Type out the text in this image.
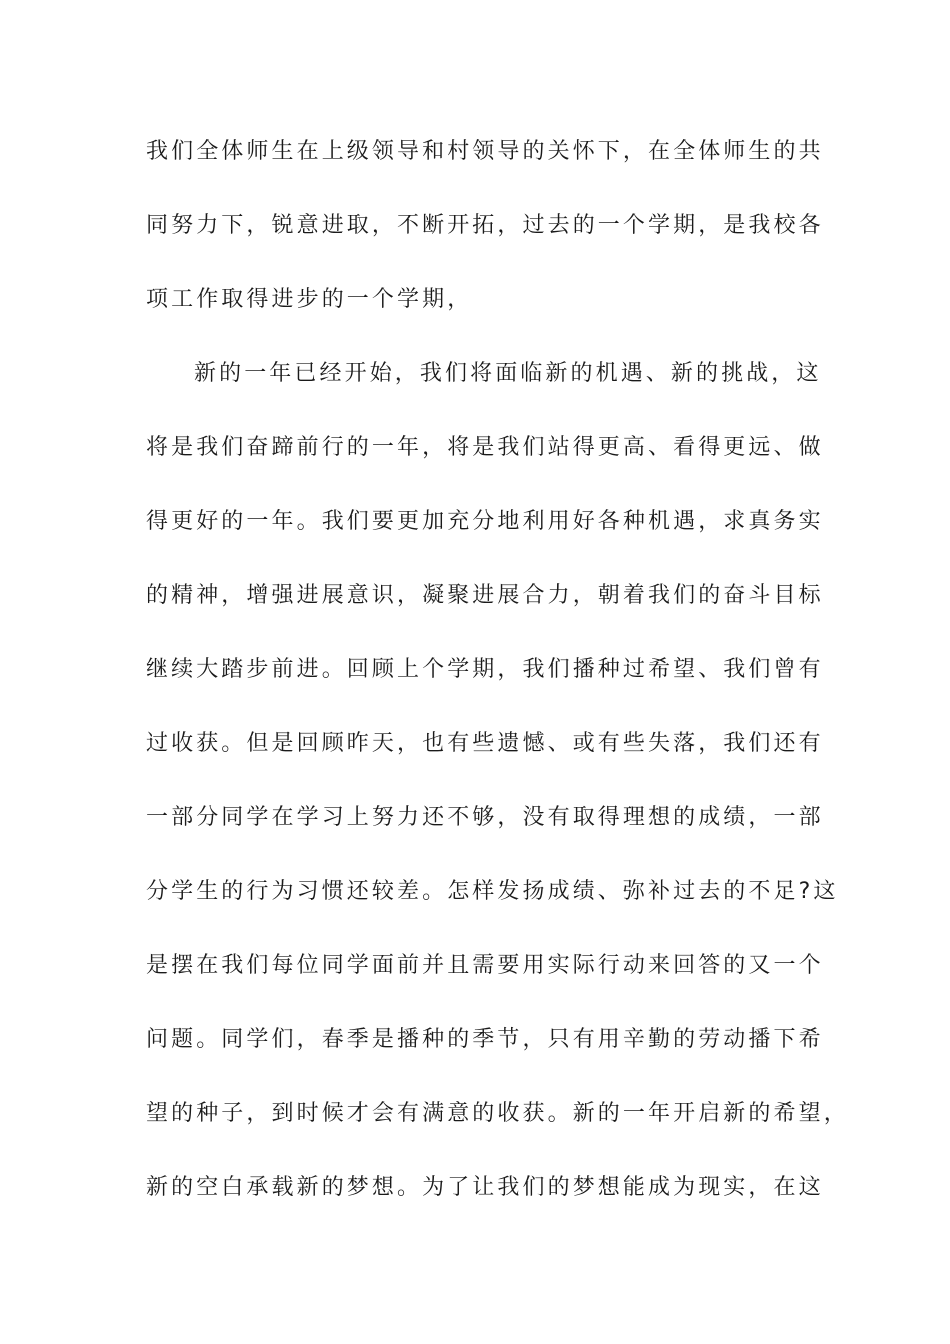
我们全体师生在上级领导和村领导的关怀下，在全体师生的共
同努力下，锐意进取，不断开拓，过去的一个学期，是我校各
项工作取得进步的一个学期，
新的一年已经开始，我们将面临新的机遇、新的挑战，这
将是我们奋蹄前行的一年，将是我们站得更高、看得更远、做
得更好的一年。我们要更加充分地利用好各种机遇，求真务实
的精神，增强进展意识，凝聚进展合力，朝着我们的奋斗目标
继续大踏步前进。回顾上个学期，我们播种过希望、我们曾有
过收获。但是回顾昨天，也有些遗憾、或有些失落，我们还有
一部分同学在学习上努力还不够，没有取得理想的成绩，一部
分学生的行为习惯还较差。怎样发扬成绩、弥补过去的不足?这
是摆在我们每位同学面前并且需要用实际行动来回答的又一个
问题。同学们，春季是播种的季节，只有用辛勤的劳动播下希
望的种子，到时候才会有满意的收获。新的一年开启新的希望，
新的空白承载新的梦想。为了让我们的梦想能成为现实，在这
